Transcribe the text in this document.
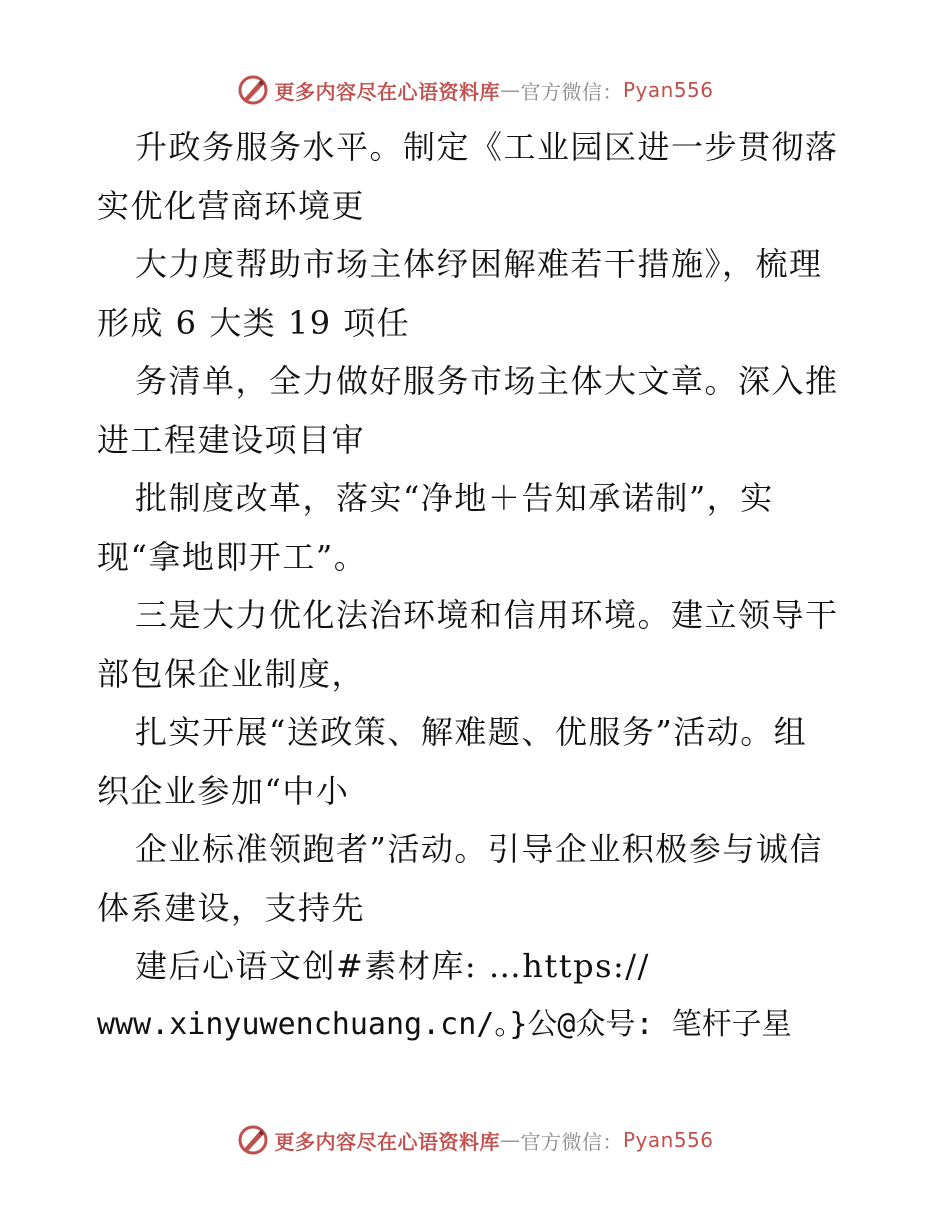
更多内容尽在心语资料库 — 官方微信： Pyan556
升政务服务水平。制定《工业园区进一步贯彻落
实优化营商环境更
大力度帮助市场主体纾困解难若干措施》，梳理
形成 6 大类 19 项任
务清单，全力做好服务市场主体大文章。深入推
进工程建设项目审
批制度改革，落实“净地＋告知承诺制”，实
现“拿地即开工”。
三是大力优化法治环境和信用环境。建立领导干
部包保企业制度，
扎实开展“送政策、解难题、优服务”活动。组
织企业参加“中小
企业标准领跑者”活动。引导企业积极参与诚信
体系建设，支持先
建后心语文创#素材库: …https://
www.xinyuwenchuang.cn/。}公@众号: 笔杆子星
更多内容尽在心语资料库 — 官方微信： Pyan556
